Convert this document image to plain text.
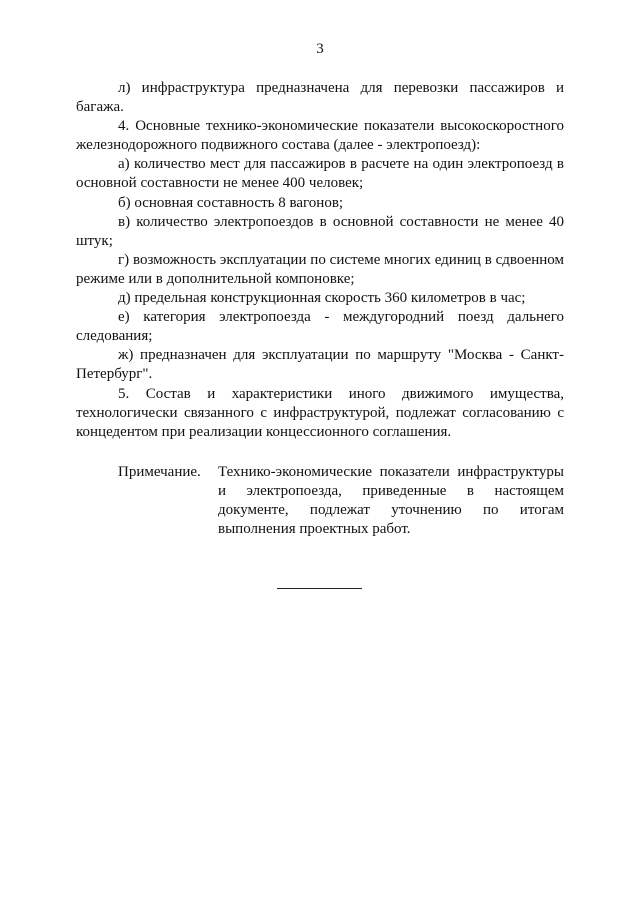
3

л) инфраструктура предназначена для перевозки пассажиров и багажа.

4. Основные технико-экономические показатели высокоскоростного железнодорожного подвижного состава (далее - электропоезд):

а) количество мест для пассажиров в расчете на один электропоезд в основной составности не менее 400 человек;

б) основная составность 8 вагонов;

в) количество электропоездов в основной составности не менее 40 штук;

г) возможность эксплуатации по системе многих единиц в сдвоенном режиме или в дополнительной компоновке;

д) предельная конструкционная скорость 360 километров в час;

е) категория электропоезда - междугородний поезд дальнего следования;

ж) предназначен для эксплуатации по маршруту "Москва - Санкт-Петербург".

5. Состав и характеристики иного движимого имущества, технологически связанного с инфраструктурой, подлежат согласованию с концедентом при реализации концессионного соглашения.

Примечание. Технико-экономические показатели инфраструктуры и электропоезда, приведенные в настоящем документе, подлежат уточнению по итогам выполнения проектных работ.
